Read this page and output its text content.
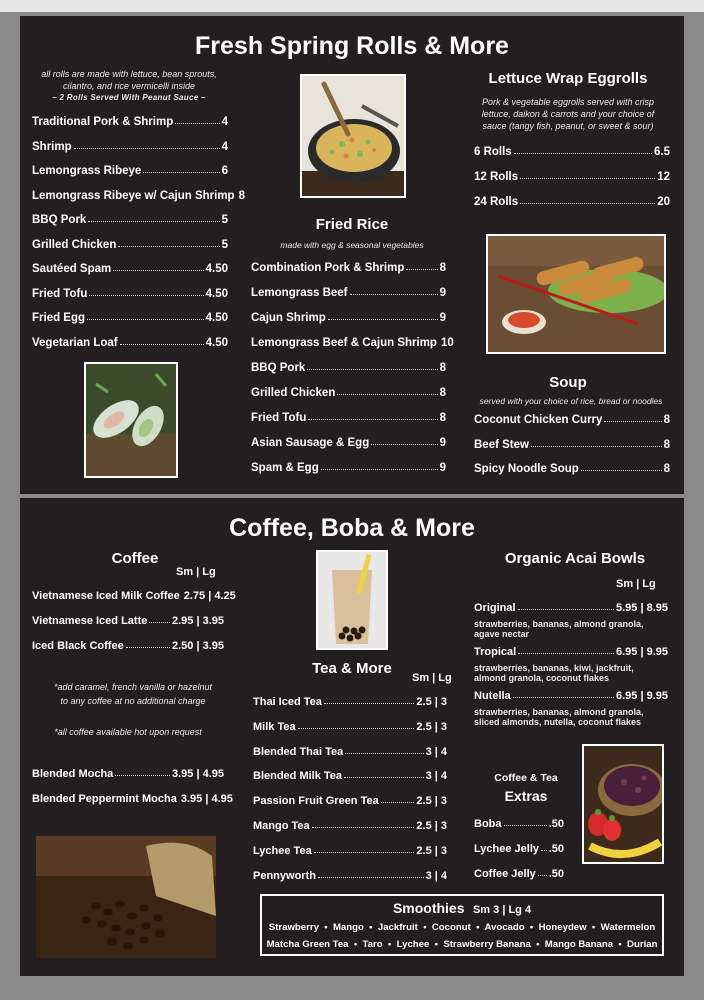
Fresh Spring Rolls & More
all rolls are made with lettuce, bean sprouts,
cilantro, and rice vermicelli inside
– 2 Rolls Served With Peanut Sauce –
Traditional Pork & Shrimp	4
Shrimp	4
Lemongrass Ribeye	6
Lemongrass Ribeye w/ Cajun Shrimp 8
BBQ Pork	5
Grilled Chicken	5
Sautéed Spam	4.50
Fried Tofu	4.50
Fried Egg	4.50
Vegetarian Loaf	4.50
Fried Rice
made with egg & seasonal vegetables
Combination Pork & Shrimp	8
Lemongrass Beef	9
Cajun Shrimp	9
Lemongrass Beef & Cajun Shrimp 10
BBQ Pork	8
Grilled Chicken	8
Fried Tofu	8
Asian Sausage & Egg	9
Spam & Egg	9
Lettuce Wrap Eggrolls
Pork & vegetable eggrolls served with crisp
lettuce, daikon & carrots and your choice of
sauce (tangy fish, peanut, or sweet & sour)
6 Rolls	6.5
12 Rolls	12
24 Rolls	20
Soup
served with your choice of rice, bread or noodles
Coconut Chicken Curry	8
Beef Stew	8
Spicy Noodle Soup	8
Coffee, Boba & More
Coffee
Sm | Lg
Vietnamese Iced Milk Coffee 2.75 | 4.25
Vietnamese Iced Latte 2.95 | 3.95
Iced Black Coffee	2.50 | 3.95
*add caramel, french vanilla or hazelnut
to any coffee at no additional charge
*all coffee available hot upon request
Blended Mocha	3.95 | 4.95
Blended Peppermint Mocha 3.95 | 4.95
Tea & More
Sm | Lg
Thai Iced Tea	2.5 | 3
Milk Tea	2.5 | 3
Blended Thai Tea	3 | 4
Blended Milk Tea	3 | 4
Passion Fruit Green Tea	2.5 | 3
Mango Tea	2.5 | 3
Lychee Tea	2.5 | 3
Pennyworth	3 | 4
Organic Acai Bowls
Sm | Lg
Original	5.95 | 8.95
strawberries, bananas, almond granola,
agave nectar
Tropical	6.95 | 9.95
strawberries, bananas, kiwi, jackfruit,
almond granola, coconut flakes
Nutella	6.95 | 9.95
strawberries, bananas, almond granola,
sliced almonds, nutella, coconut flakes
Coffee & Tea
Extras
Boba	.50
Lychee Jelly .50
Coffee Jelly .50
Smoothies Sm 3 | Lg 4
Strawberry  •  Mango  •  Jackfruit  •  Coconut  •  Avocado  •  Honeydew  •  Watermelon
Matcha Green Tea  •  Taro  •  Lychee  •  Strawberry Banana  •  Mango Banana  •  Durian
